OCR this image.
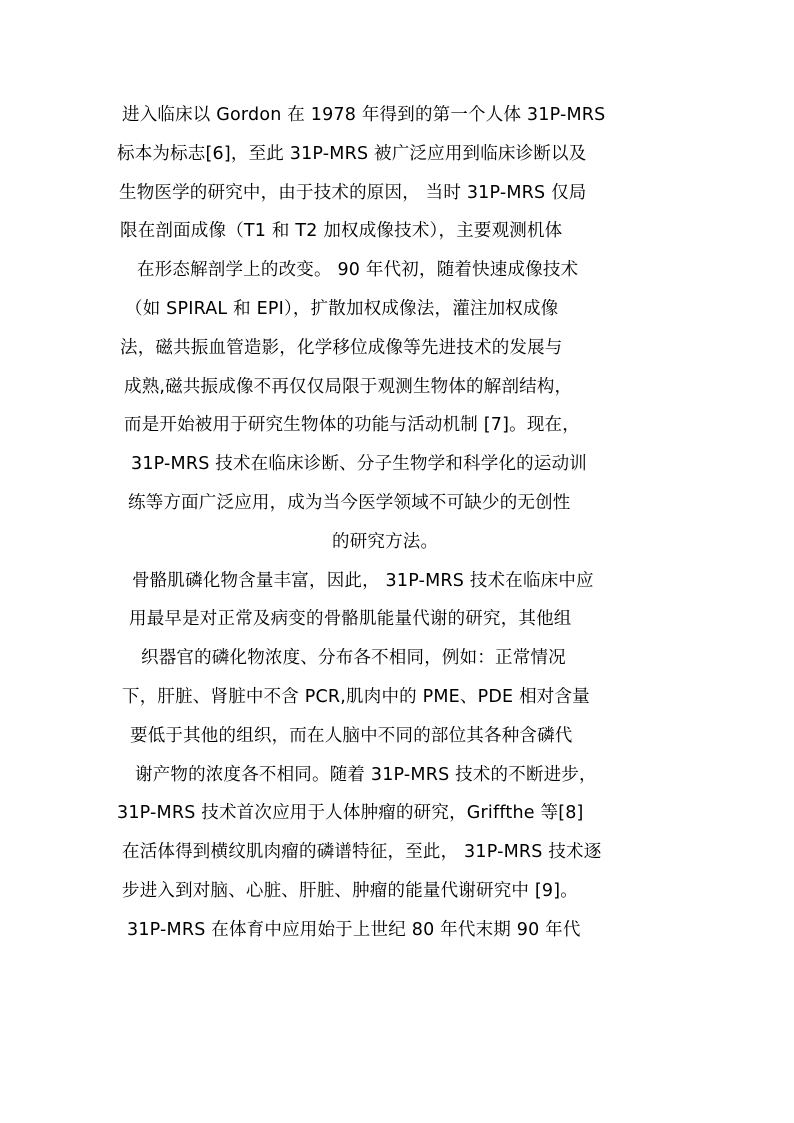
进入临床以 Gordon 在 1978 年得到的第一个人体 31P-MRS
标本为标志[6]，至此 31P-MRS 被广泛应用到临床诊断以及
生物医学的研究中，由于技术的原因， 当时 31P-MRS 仅局
限在剖面成像（T1 和 T2 加权成像技术），主要观测机体
在形态解剖学上的改变。 90 年代初，随着快速成像技术
（如 SPIRAL 和 EPI），扩散加权成像法，灌注加权成像
法，磁共振血管造影，化学移位成像等先进技术的发展与
成熟,磁共振成像不再仅仅局限于观测生物体的解剖结构，
而是开始被用于研究生物体的功能与活动机制 [7]。现在，
31P-MRS 技术在临床诊断、分子生物学和科学化的运动训
练等方面广泛应用，成为当今医学领域不可缺少的无创性
的研究方法。
骨骼肌磷化物含量丰富，因此， 31P-MRS 技术在临床中应
用最早是对正常及病变的骨骼肌能量代谢的研究，其他组
织器官的磷化物浓度、分布各不相同，例如：正常情况
下，肝脏、肾脏中不含 PCR,肌肉中的 PME、PDE 相对含量
要低于其他的组织，而在人脑中不同的部位其各种含磷代
谢产物的浓度各不相同。随着 31P-MRS 技术的不断进步，
31P-MRS 技术首次应用于人体肿瘤的研究，Griffthe 等[8]
在活体得到横纹肌肉瘤的磷谱特征，至此， 31P-MRS 技术逐
步进入到对脑、心脏、肝脏、肿瘤的能量代谢研究中 [9]。
31P-MRS 在体育中应用始于上世纪 80 年代末期 90 年代
